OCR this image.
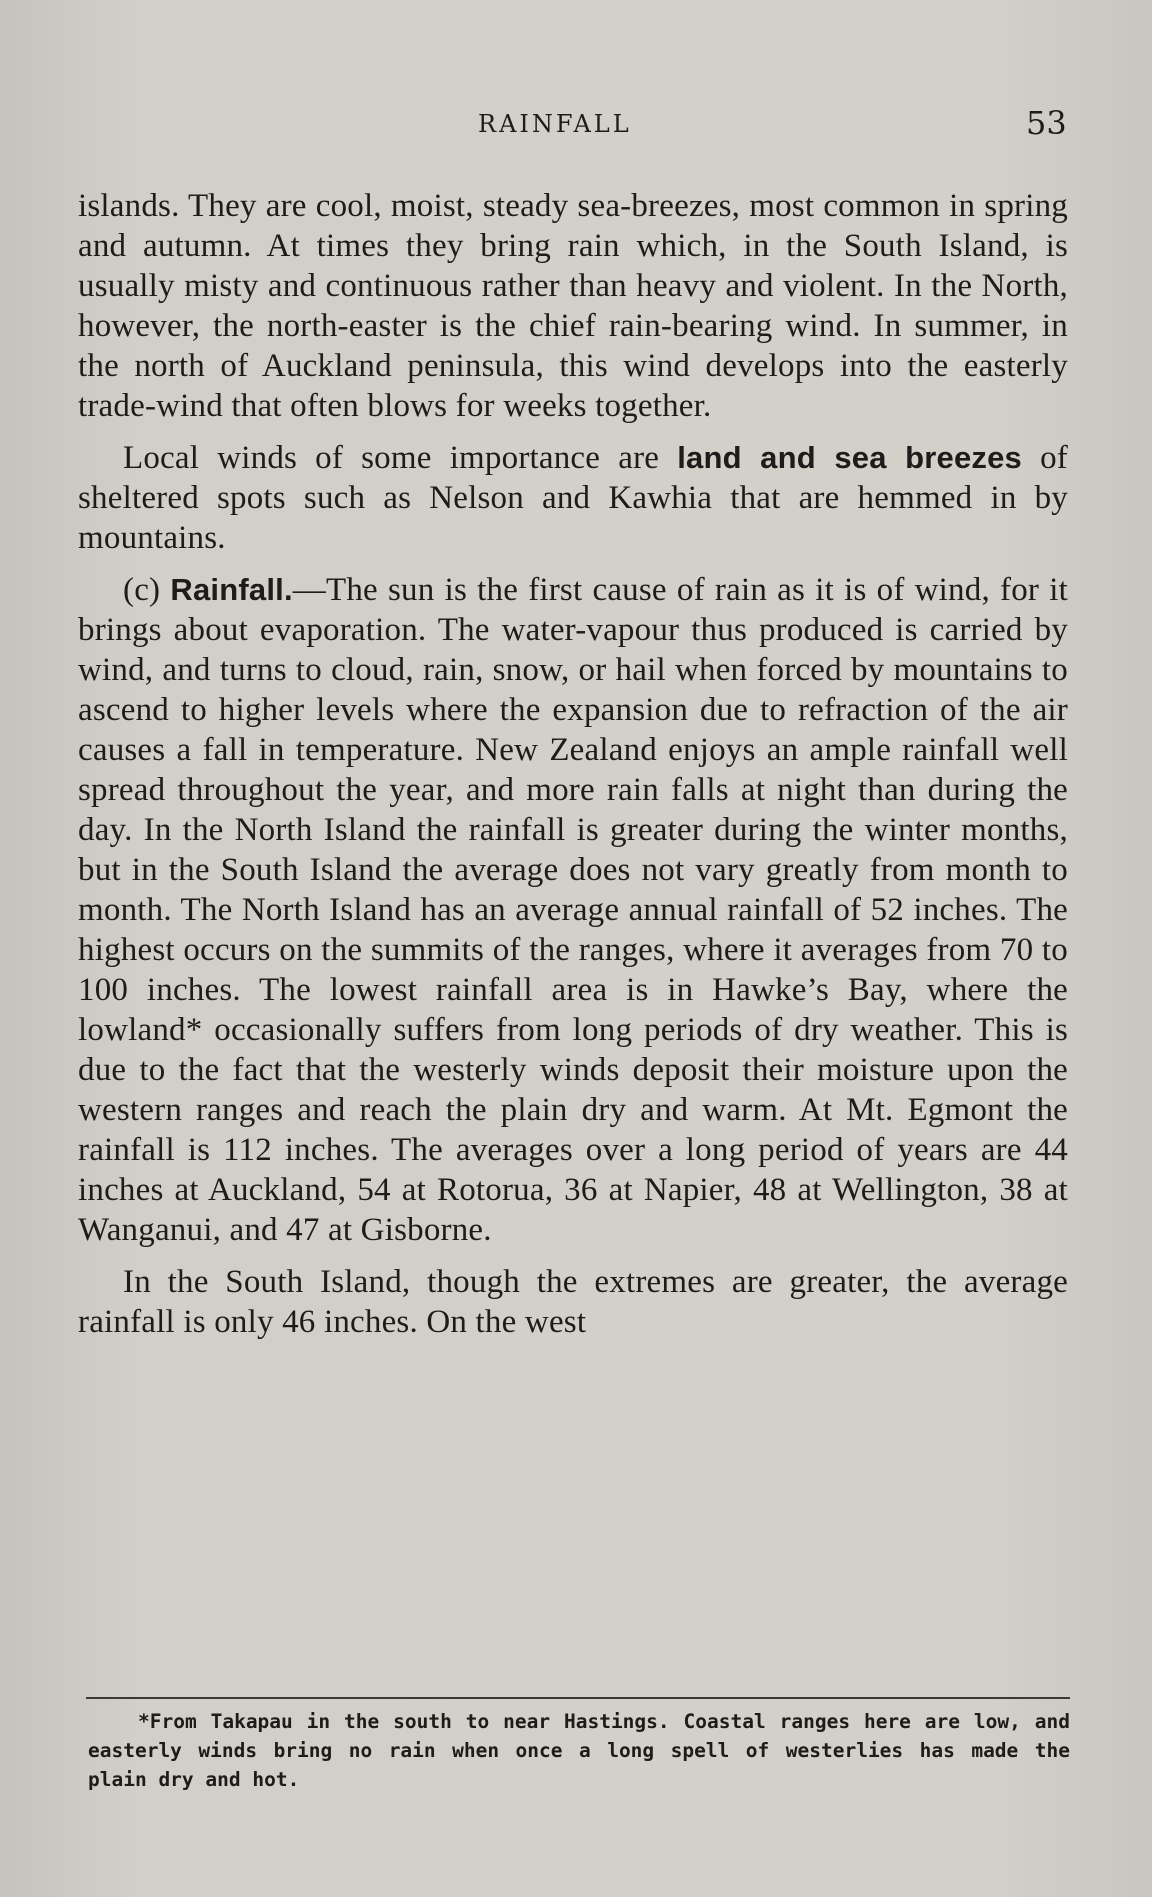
RAINFALL	53

islands. They are cool, moist, steady sea-breezes, most common in spring and autumn. At times they bring rain which, in the South Island, is usually misty and continuous rather than heavy and violent. In the North, however, the north-easter is the chief rain-bearing wind. In summer, in the north of Auckland peninsula, this wind develops into the easterly trade-wind that often blows for weeks together.

Local winds of some importance are land and sea breezes of sheltered spots such as Nelson and Kawhia that are hemmed in by mountains.

(c) Rainfall.—The sun is the first cause of rain as it is of wind, for it brings about evaporation. The water-vapour thus produced is carried by wind, and turns to cloud, rain, snow, or hail when forced by mountains to ascend to higher levels where the expansion due to refraction of the air causes a fall in temperature. New Zealand enjoys an ample rainfall well spread throughout the year, and more rain falls at night than during the day. In the North Island the rainfall is greater during the winter months, but in the South Island the average does not vary greatly from month to month. The North Island has an average annual rainfall of 52 inches. The highest occurs on the summits of the ranges, where it averages from 70 to 100 inches. The lowest rainfall area is in Hawke’s Bay, where the lowland* occasionally suffers from long periods of dry weather. This is due to the fact that the westerly winds deposit their moisture upon the western ranges and reach the plain dry and warm. At Mt. Egmont the rainfall is 112 inches. The averages over a long period of years are 44 inches at Auckland, 54 at Rotorua, 36 at Napier, 48 at Wellington, 38 at Wanganui, and 47 at Gisborne.

In the South Island, though the extremes are greater, the average rainfall is only 46 inches. On the west

*From Takapau in the south to near Hastings. Coastal ranges here are low, and easterly winds bring no rain when once a long spell of westerlies has made the plain dry and hot.
